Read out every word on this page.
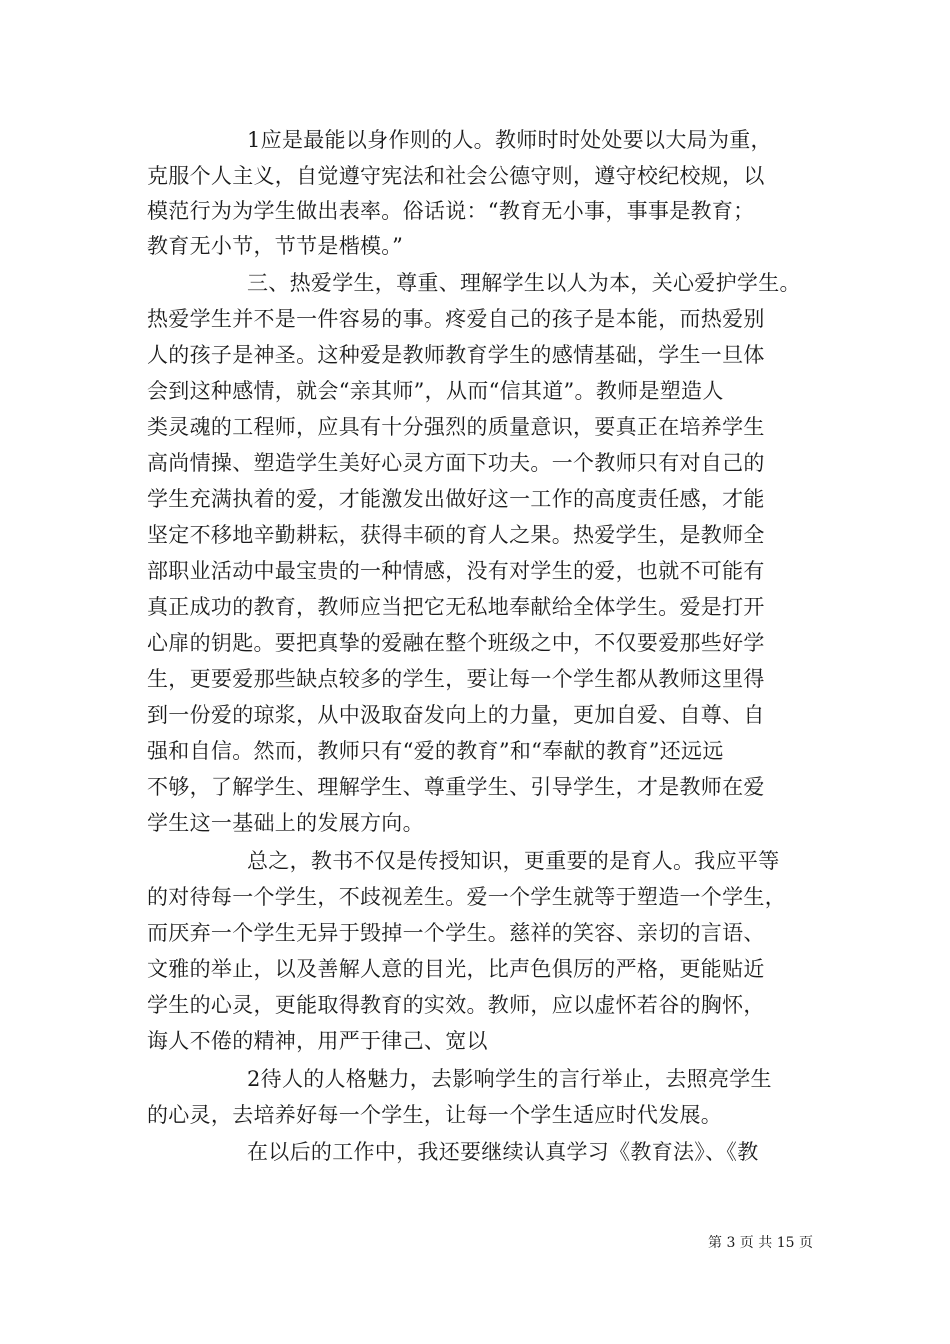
1应是最能以身作则的人。教师时时处处要以大局为重，
克服个人主义，自觉遵守宪法和社会公德守则，遵守校纪校规，以
模范行为为学生做出表率。俗话说：“教育无小事，事事是教育；
教育无小节，节节是楷模。”
三、热爱学生，尊重、理解学生以人为本，关心爱护学生。
热爱学生并不是一件容易的事。疼爱自己的孩子是本能，而热爱别
人的孩子是神圣。这种爱是教师教育学生的感情基础，学生一旦体
会到这种感情，就会“亲其师”，从而“信其道”。教师是塑造人
类灵魂的工程师，应具有十分强烈的质量意识，要真正在培养学生
高尚情操、塑造学生美好心灵方面下功夫。一个教师只有对自己的
学生充满执着的爱，才能激发出做好这一工作的高度责任感，才能
坚定不移地辛勤耕耘，获得丰硕的育人之果。热爱学生，是教师全
部职业活动中最宝贵的一种情感，没有对学生的爱，也就不可能有
真正成功的教育，教师应当把它无私地奉献给全体学生。爱是打开
心扉的钥匙。要把真挚的爱融在整个班级之中，不仅要爱那些好学
生，更要爱那些缺点较多的学生，要让每一个学生都从教师这里得
到一份爱的琼浆，从中汲取奋发向上的力量，更加自爱、自尊、自
强和自信。然而，教师只有“爱的教育”和“奉献的教育”还远远
不够，了解学生、理解学生、尊重学生、引导学生，才是教师在爱
学生这一基础上的发展方向。
总之，教书不仅是传授知识，更重要的是育人。我应平等
的对待每一个学生，不歧视差生。爱一个学生就等于塑造一个学生，
而厌弃一个学生无异于毁掉一个学生。慈祥的笑容、亲切的言语、
文雅的举止，以及善解人意的目光，比声色俱厉的严格，更能贴近
学生的心灵，更能取得教育的实效。教师，应以虚怀若谷的胸怀，
诲人不倦的精神，用严于律己、宽以
2待人的人格魅力，去影响学生的言行举止，去照亮学生
的心灵，去培养好每一个学生，让每一个学生适应时代发展。
在以后的工作中，我还要继续认真学习《教育法》、《教
第 3 页 共 15 页
